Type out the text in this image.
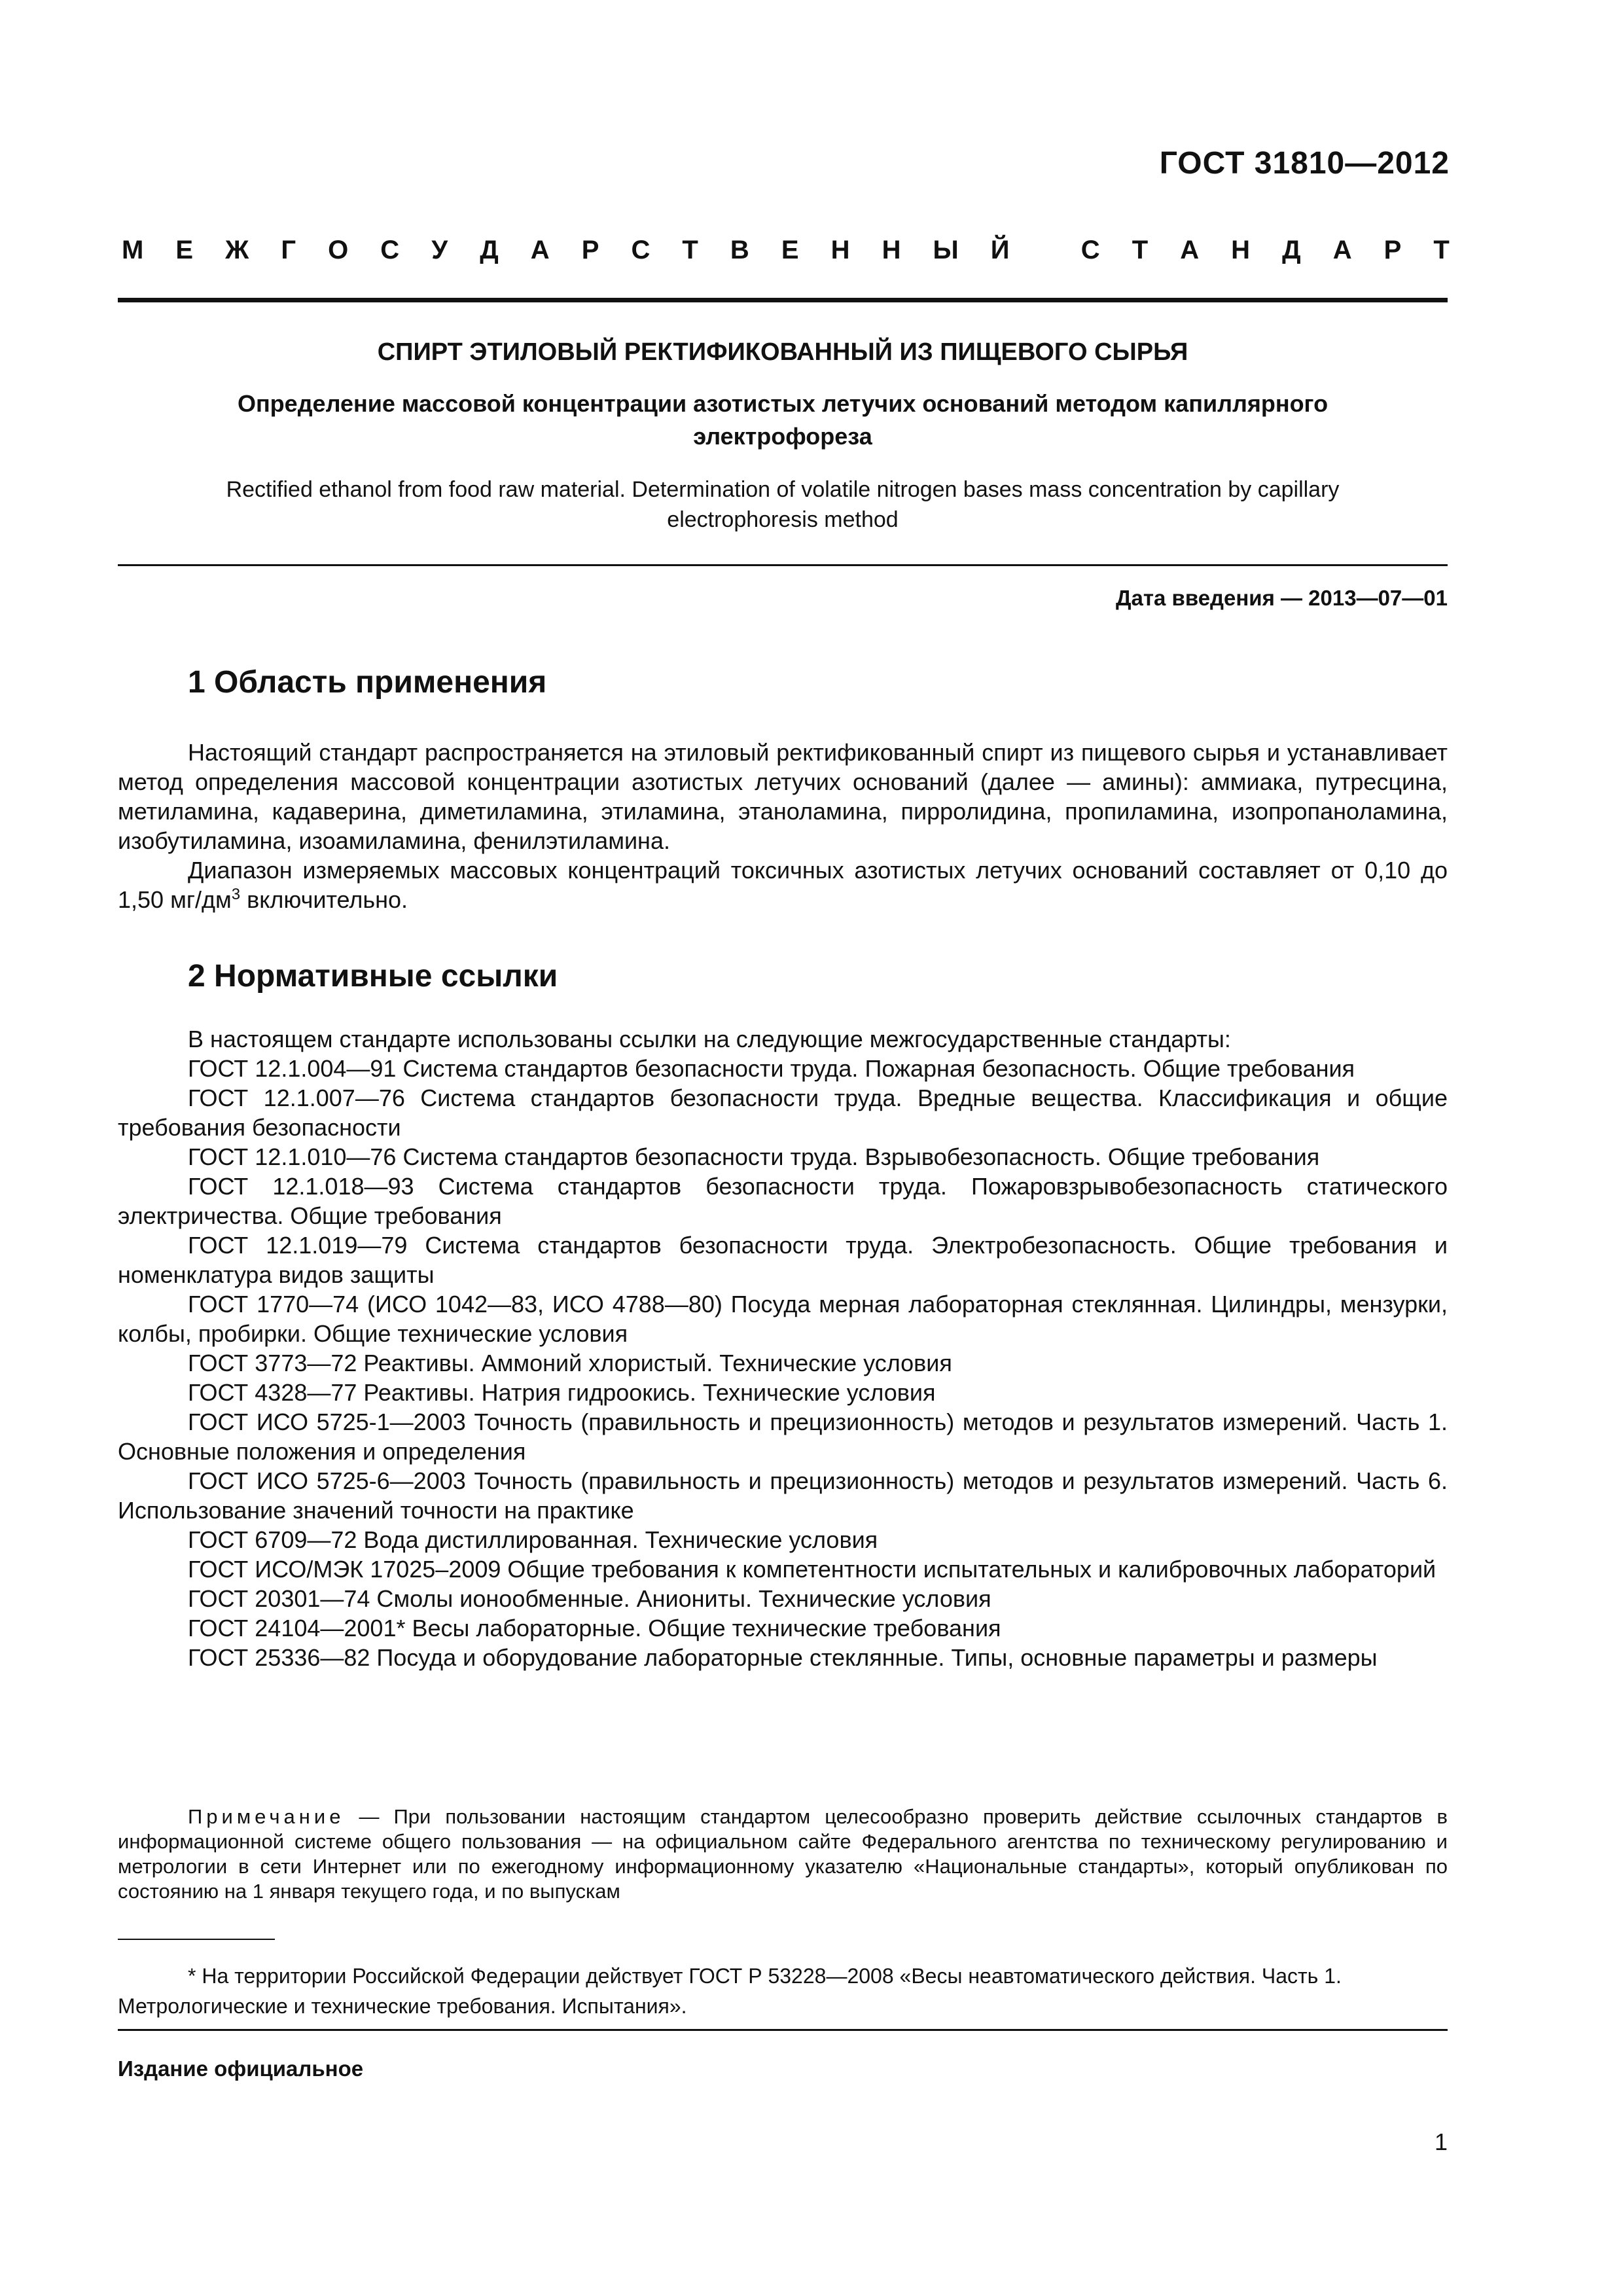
ГОСТ 31810—2012
М Е Ж Г О С У Д А Р С Т В Е Н Н Ы Й
	С Т А Н Д А Р Т
СПИРТ ЭТИЛОВЫЙ РЕКТИФИКОВАННЫЙ ИЗ ПИЩЕВОГО СЫРЬЯ
Определение массовой концентрации азотистых летучих оснований методом капиллярного
электрофореза
Rectified ethanol from food raw material. Determination of volatile nitrogen bases mass concentration by capillary
electrophoresis method
Дата введения — 2013—07—01
1 Область применения

Настоящий стандарт распространяется на этиловый ректификованный спирт из пищевого сырья и устанавливает метод определения массовой концентрации азотистых летучих оснований (далее — амины): аммиака, путресцина, метиламина, кадаверина, диметиламина, этиламина, этаноламина, пирролидина, пропиламина, изопропаноламина, изобутиламина, изоамиламина, фенилэтиламина.

Диапазон измеряемых массовых концентраций токсичных азотистых летучих оснований составляет от 0,10 до 1,50 $мг/дм^3$ включительно.

2 Нормативные ссылки

В настоящем стандарте использованы ссылки на следующие межгосударственные стандарты:

ГОСТ 12.1.004—91 Система стандартов безопасности труда. Пожарная безопасность. Общие требования

ГОСТ 12.1.007—76 Система стандартов безопасности труда. Вредные вещества. Классификация и общие требования безопасности

ГОСТ 12.1.010—76 Система стандартов безопасности труда. Взрывобезопасность. Общие требования

ГОСТ 12.1.018—93 Система стандартов безопасности труда. Пожаровзрывобезопасность статического электричества. Общие требования

ГОСТ 12.1.019—79 Система стандартов безопасности труда. Электробезопасность. Общие требования и номенклатура видов защиты

ГОСТ 1770—74 (ИСО 1042—83, ИСО 4788—80) Посуда мерная лабораторная стеклянная. Цилиндры, мензурки, колбы, пробирки. Общие технические условия

ГОСТ 3773—72 Реактивы. Аммоний хлористый. Технические условия

ГОСТ 4328—77 Реактивы. Натрия гидроокись. Технические условия

ГОСТ ИСО 5725-1—2003 Точность (правильность и прецизионность) методов и результатов измерений. Часть 1. Основные положения и определения

ГОСТ ИСО 5725-6—2003 Точность (правильность и прецизионность) методов и результатов измерений. Часть 6. Использование значений точности на практике

ГОСТ 6709—72 Вода дистиллированная. Технические условия

ГОСТ ИСО/МЭК 17025–2009 Общие требования к компетентности испытательных и калибровочных лабораторий

ГОСТ 20301—74 Смолы ионообменные. Аниониты. Технические условия

ГОСТ 24104—2001* Весы лабораторные. Общие технические требования

ГОСТ 25336—82 Посуда и оборудование лабораторные стеклянные. Типы, основные параметры и размеры

Примечание — При пользовании настоящим стандартом целесообразно проверить действие ссылочных стандартов в информационной системе общего пользования — на официальном сайте Федерального агентства по техническому регулированию и метрологии в сети Интернет или по ежегодному информационному указателю «Национальные стандарты», который опубликован по состоянию на 1 января текущего года, и по выпускам

* На территории Российской Федерации действует ГОСТ Р 53228—2008 «Весы неавтоматического действия. Часть 1. Метрологические и технические требования. Испытания».

Издание официальное
1
